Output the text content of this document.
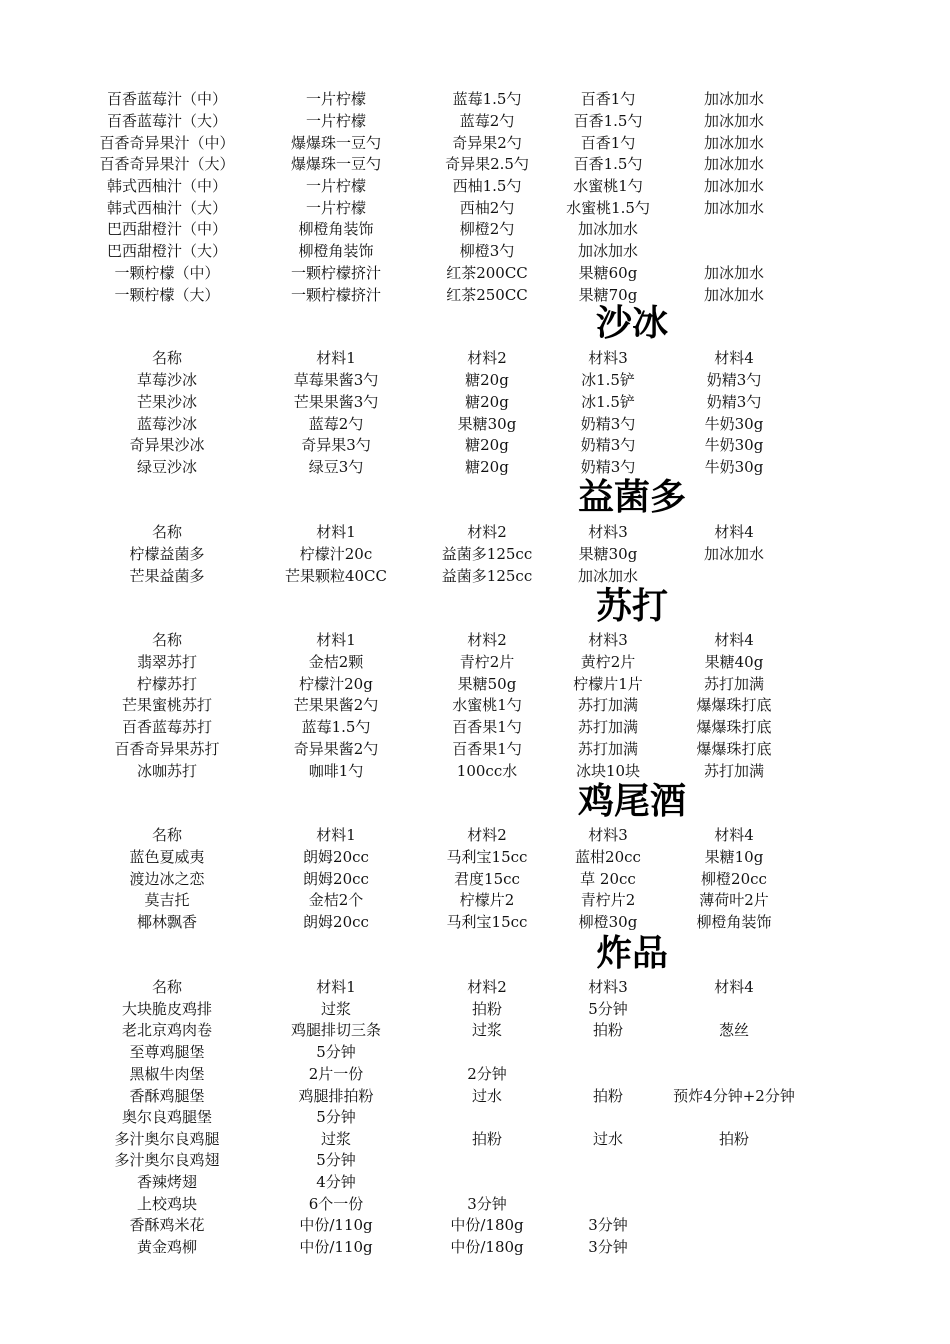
百香蓝莓汁（中）	一片柠檬	蓝莓1.5勺	百香1勺	加冰加水
百香蓝莓汁（大）	一片柠檬	蓝莓2勺	百香1.5勺	加冰加水
百香奇异果汁（中）	爆爆珠一豆勺	奇异果2勺	百香1勺	加冰加水
百香奇异果汁（大）	爆爆珠一豆勺	奇异果2.5勺	百香1.5勺	加冰加水
韩式西柚汁（中）	一片柠檬	西柚1.5勺	水蜜桃1勺	加冰加水
韩式西柚汁（大）	一片柠檬	西柚2勺	水蜜桃1.5勺	加冰加水
巴西甜橙汁（中）	柳橙角装饰	柳橙2勺	加冰加水
巴西甜橙汁（大）	柳橙角装饰	柳橙3勺	加冰加水
一颗柠檬（中）	一颗柠檬挤汁	红茶200CC	果糖60g	加冰加水
一颗柠檬（大）	一颗柠檬挤汁	红茶250CC	果糖70g	加冰加水
沙冰
名称	材料1	材料2	材料3	材料4
草莓沙冰	草莓果酱3勺	糖20g	冰1.5铲	奶精3勺
芒果沙冰	芒果果酱3勺	糖20g	冰1.5铲	奶精3勺
蓝莓沙冰	蓝莓2勺	果糖30g	奶精3勺	牛奶30g
奇异果沙冰	奇异果3勺	糖20g	奶精3勺	牛奶30g
绿豆沙冰	绿豆3勺	糖20g	奶精3勺	牛奶30g
益菌多
名称	材料1	材料2	材料3	材料4
柠檬益菌多	柠檬汁20c	益菌多125cc	果糖30g	加冰加水
芒果益菌多	芒果颗粒40CC	益菌多125cc	加冰加水
苏打
名称	材料1	材料2	材料3	材料4
翡翠苏打	金桔2颗	青柠2片	黄柠2片	果糖40g
柠檬苏打	柠檬汁20g	果糖50g	柠檬片1片	苏打加满
芒果蜜桃苏打	芒果果酱2勺	水蜜桃1勺	苏打加满	爆爆珠打底
百香蓝莓苏打	蓝莓1.5勺	百香果1勺	苏打加满	爆爆珠打底
百香奇异果苏打	奇异果酱2勺	百香果1勺	苏打加满	爆爆珠打底
冰咖苏打	咖啡1勺	100cc水	冰块10块	苏打加满
鸡尾酒
名称	材料1	材料2	材料3	材料4
蓝色夏威夷	朗姆20cc	马利宝15cc	蓝柑20cc	果糖10g
渡边冰之恋	朗姆20cc	君度15cc	草 20cc	柳橙20cc
莫吉托	金桔2个	柠檬片2	青柠片2	薄荷叶2片
椰林飘香	朗姆20cc	马利宝15cc	柳橙30g	柳橙角装饰
炸品
名称	材料1	材料2	材料3	材料4
大块脆皮鸡排	过浆	拍粉	5分钟
老北京鸡肉卷	鸡腿排切三条	过浆	拍粉	葱丝
至尊鸡腿堡	5分钟
黑椒牛肉堡	2片一份	2分钟
香酥鸡腿堡	鸡腿排拍粉	过水	拍粉	预炸4分钟+2分钟
奥尔良鸡腿堡	5分钟
多汁奥尔良鸡腿	过浆	拍粉	过水	拍粉
多汁奥尔良鸡翅	5分钟
香辣烤翅	4分钟
上校鸡块	6个一份	3分钟
香酥鸡米花	中份/110g	中份/180g	3分钟
黄金鸡柳	中份/110g	中份/180g	3分钟
